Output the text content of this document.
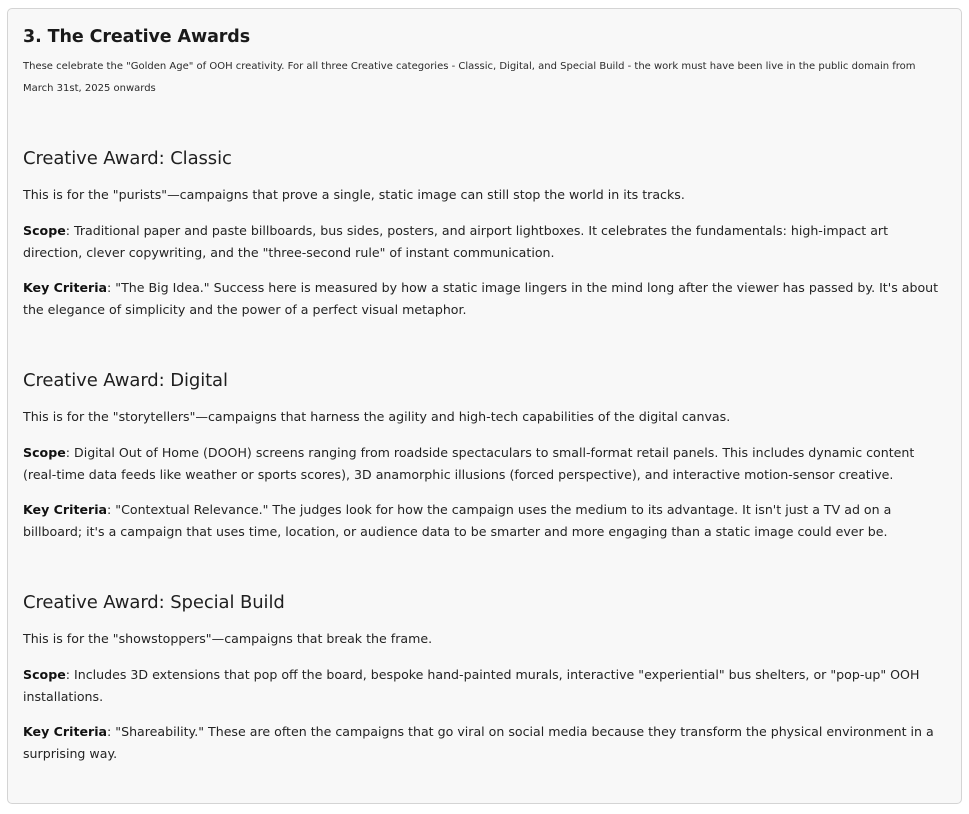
3. The Creative Awards

These celebrate the "Golden Age" of OOH creativity. For all three Creative categories - Classic, Digital, and Special Build - the work must have been live in the public domain from March 31st, 2025 onwards

Creative Award: Classic

This is for the "purists"—campaigns that prove a single, static image can still stop the world in its tracks.

Scope: Traditional paper and paste billboards, bus sides, posters, and airport lightboxes. It celebrates the fundamentals: high-impact art direction, clever copywriting, and the "three-second rule" of instant communication.

Key Criteria: "The Big Idea." Success here is measured by how a static image lingers in the mind long after the viewer has passed by. It's about the elegance of simplicity and the power of a perfect visual metaphor.

Creative Award: Digital

This is for the "storytellers"—campaigns that harness the agility and high-tech capabilities of the digital canvas.

Scope: Digital Out of Home (DOOH) screens ranging from roadside spectaculars to small-format retail panels. This includes dynamic content (real-time data feeds like weather or sports scores), 3D anamorphic illusions (forced perspective), and interactive motion-sensor creative.

Key Criteria: "Contextual Relevance." The judges look for how the campaign uses the medium to its advantage. It isn't just a TV ad on a billboard; it's a campaign that uses time, location, or audience data to be smarter and more engaging than a static image could ever be.

Creative Award: Special Build

This is for the "showstoppers"—campaigns that break the frame.

Scope: Includes 3D extensions that pop off the board, bespoke hand-painted murals, interactive "experiential" bus shelters, or "pop-up" OOH installations.

Key Criteria: "Shareability." These are often the campaigns that go viral on social media because they transform the physical environment in a surprising way.
